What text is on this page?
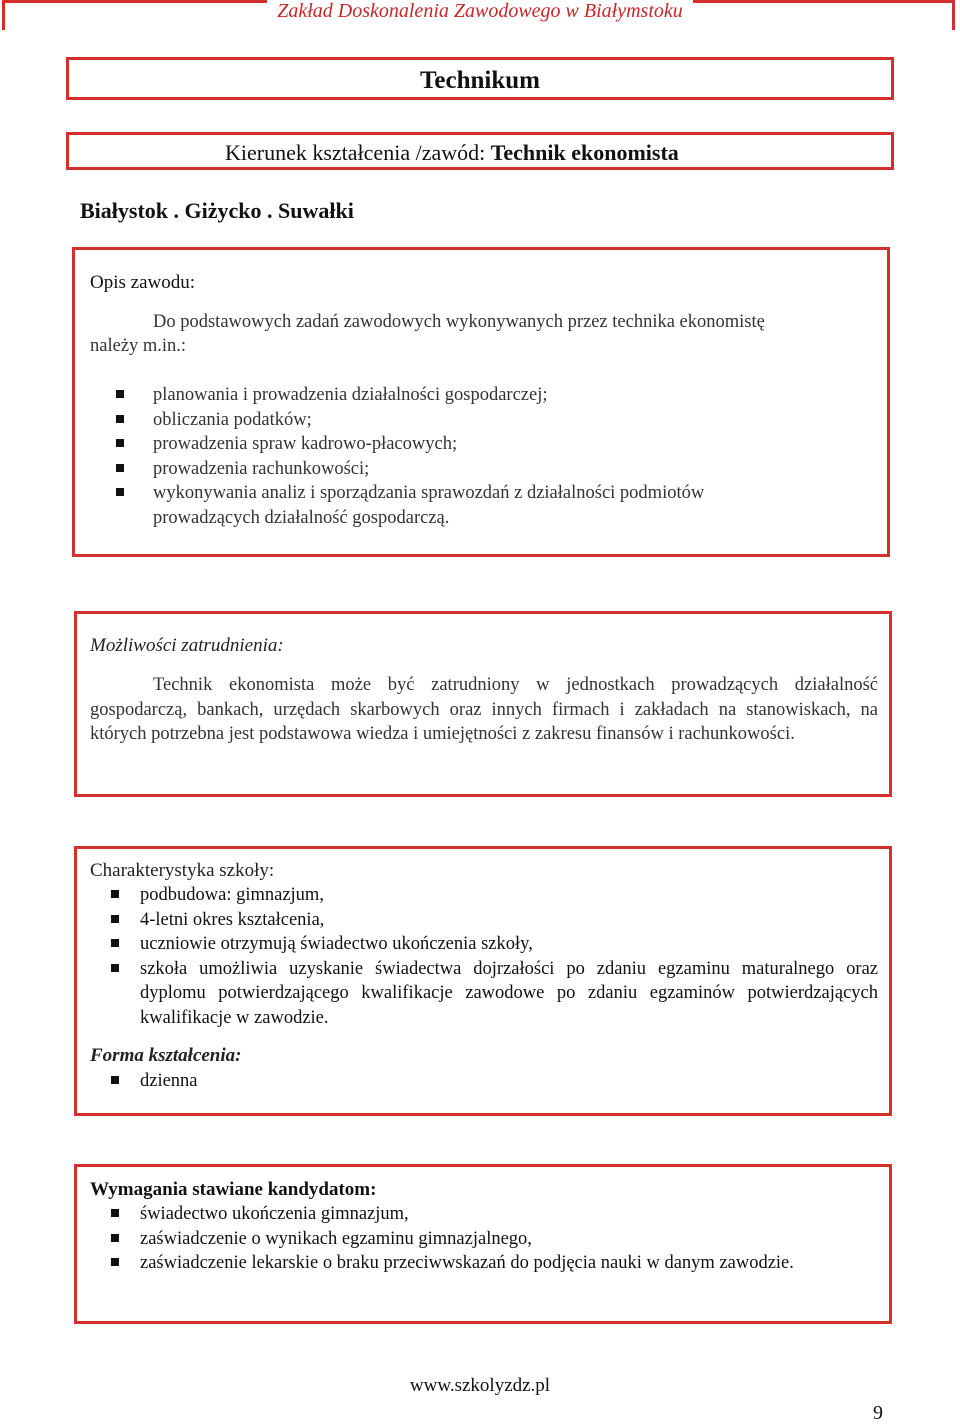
Zakład Doskonalenia Zawodowego w Białymstoku
Technikum
Kierunek kształcenia /zawód: Technik ekonomista
Białystok . Giżycko . Suwałki
Opis zawodu:
Do podstawowych zadań zawodowych wykonywanych przez technika ekonomistę
należy m.in.:
planowania i prowadzenia działalności gospodarczej;
obliczania podatków;
prowadzenia spraw kadrowo-płacowych;
prowadzenia rachunkowości;
wykonywania analiz i sporządzania sprawozdań z działalności podmiotów prowadzących działalność gospodarczą.
Możliwości zatrudnienia:
Technik ekonomista może być zatrudniony w jednostkach prowadzących działalność gospodarczą, bankach, urzędach skarbowych oraz innych firmach i zakładach na stanowiskach, na których potrzebna jest podstawowa wiedza i umiejętności z zakresu finansów i rachunkowości.
Charakterystyka szkoły:
podbudowa: gimnazjum,
4-letni okres kształcenia,
uczniowie otrzymują świadectwo ukończenia szkoły,
szkoła umożliwia uzyskanie świadectwa dojrzałości po zdaniu egzaminu maturalnego oraz dyplomu potwierdzającego kwalifikacje zawodowe po zdaniu egzaminów potwierdzających kwalifikacje w zawodzie.
Forma kształcenia:
dzienna
Wymagania stawiane kandydatom:
świadectwo ukończenia gimnazjum,
zaświadczenie o wynikach egzaminu gimnazjalnego,
zaświadczenie lekarskie o braku przeciwwskazań do podjęcia nauki w danym zawodzie.
www.szkolyzdz.pl
9
